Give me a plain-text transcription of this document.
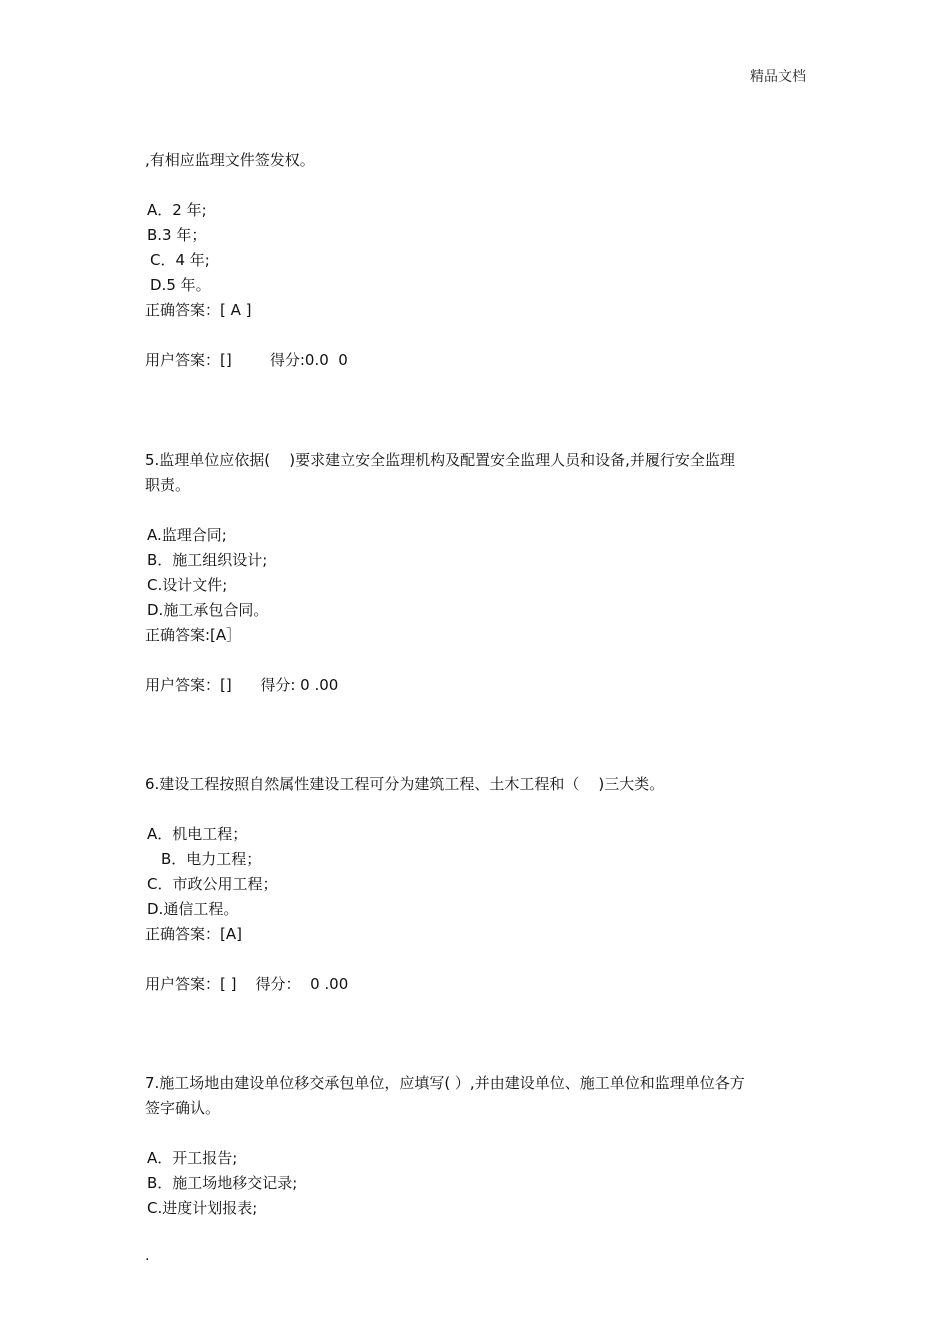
精品文档
,有相应监理文件签发权。
A．2 年;
B.3 年；
C．4 年;
D.5 年。
正确答案：[ A ]
用户答案：[]        得分:0.0  0
5.监理单位应依据(    )要求建立安全监理机构及配置安全监理人员和设备,并履行安全监理
职责。
A.监理合同;
B．施工组织设计;
C.设计文件;
D.施工承包合同。
正确答案:[A］
用户答案：[]      得分: 0 .00
6.建设工程按照自然属性建设工程可分为建筑工程、土木工程和（    )三大类。
A．机电工程；
B．电力工程；
C．市政公用工程；
D.通信工程。
正确答案：[A]
用户答案：[ ]    得分：  0 .00
7.施工场地由建设单位移交承包单位，应填写( ）,并由建设单位、施工单位和监理单位各方
签字确认。
A．开工报告;
B．施工场地移交记录;
C.进度计划报表;
.
